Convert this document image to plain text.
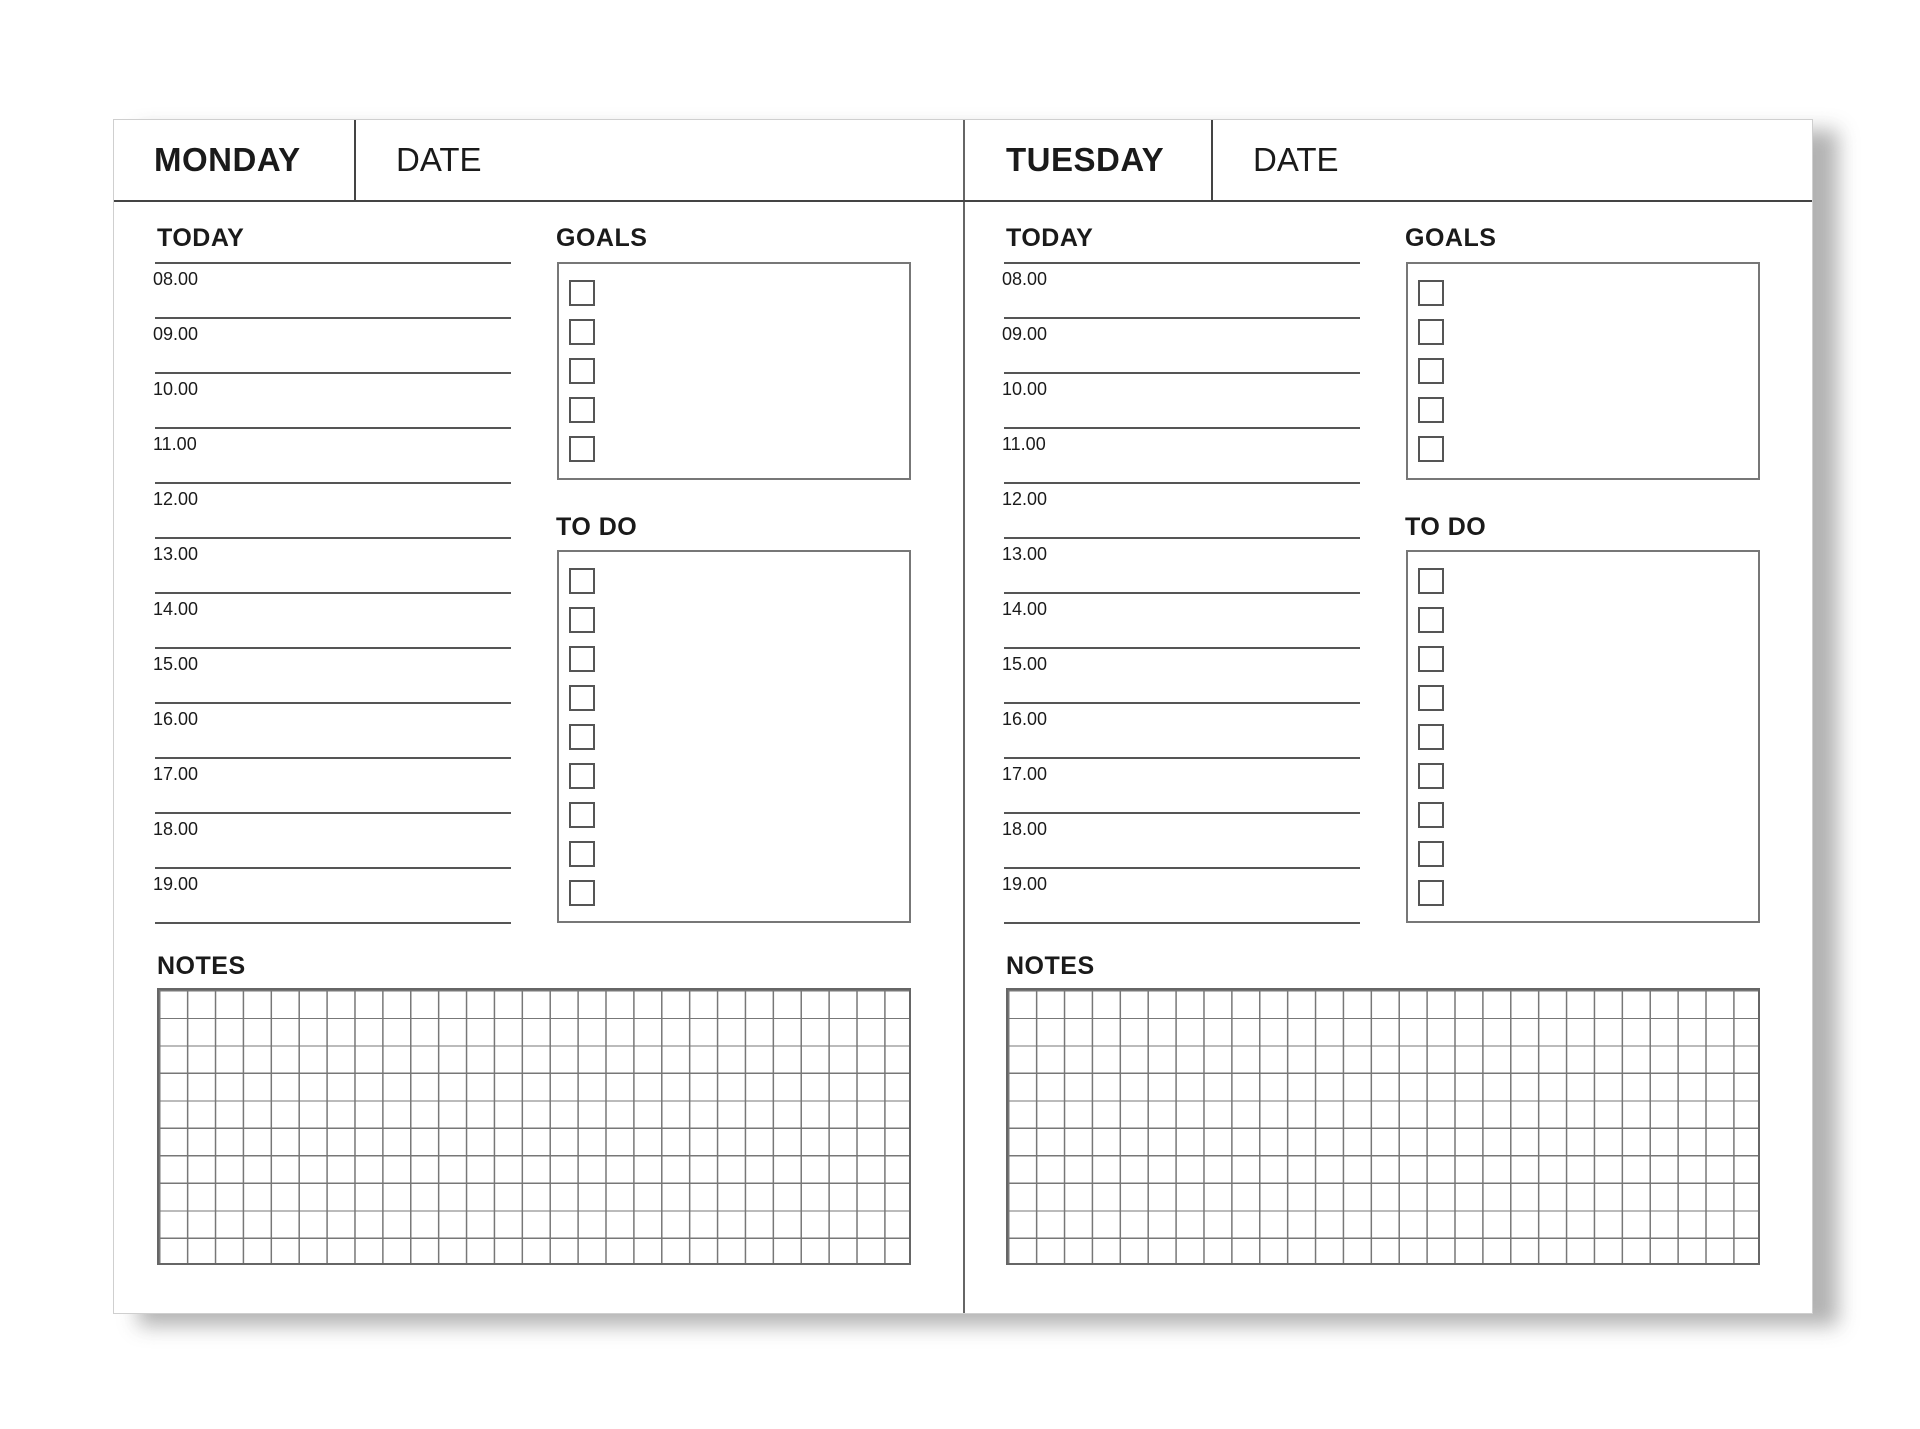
MONDAY	DATE
TODAY
08.00
09.00
10.00
11.00
12.00
13.00
14.00
15.00
16.00
17.00
18.00
19.00
GOALS
TO DO
NOTES
TUESDAY	DATE
TODAY
08.00
09.00
10.00
11.00
12.00
13.00
14.00
15.00
16.00
17.00
18.00
19.00
GOALS
TO DO
NOTES
